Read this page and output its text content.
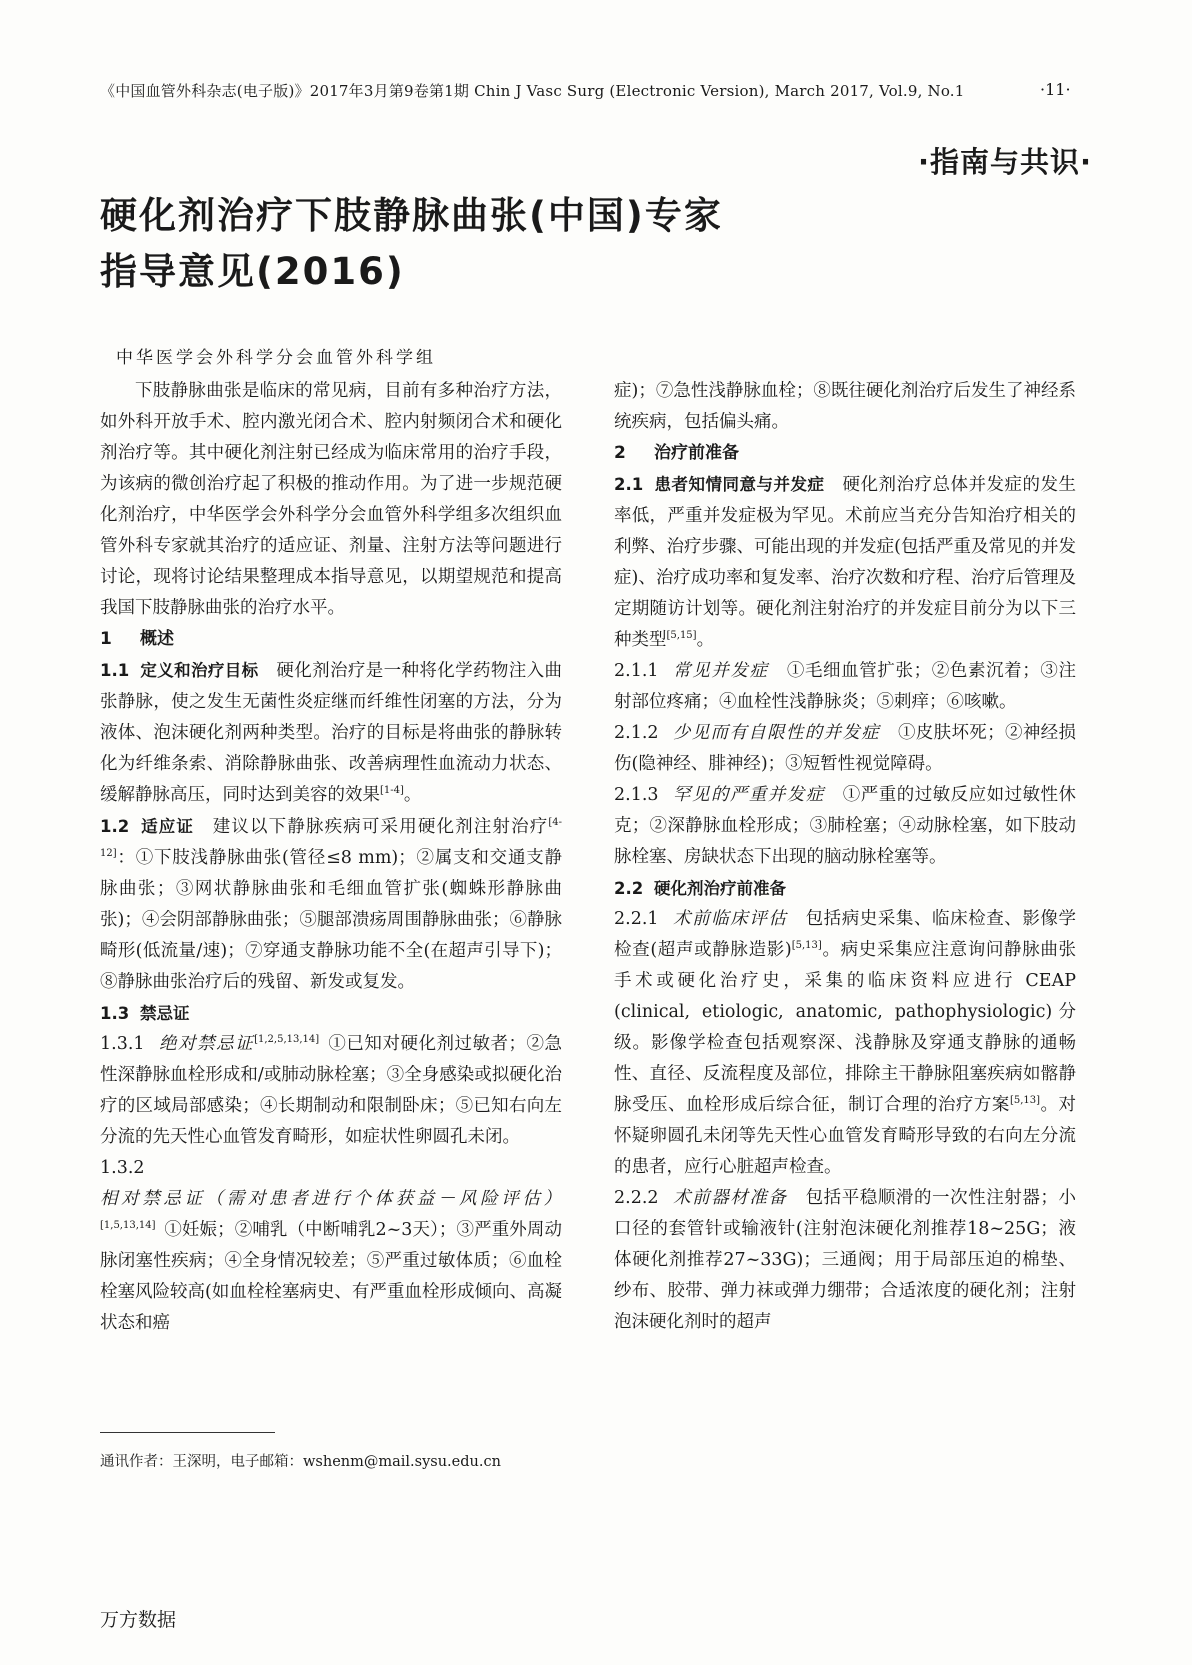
《中国血管外科杂志(电子版)》2017年3月第9卷第1期 Chin J Vasc Surg (Electronic Version), March 2017, Vol.9, No.1	·11·
·指南与共识·
硬化剂治疗下肢静脉曲张(中国)专家
指导意见(2016)
中华医学会外科学分会血管外科学组

下肢静脉曲张是临床的常见病，目前有多种治疗方法，如外科开放手术、腔内激光闭合术、腔内射频闭合术和硬化剂治疗等。其中硬化剂注射已经成为临床常用的治疗手段，为该病的微创治疗起了积极的推动作用。为了进一步规范硬化剂治疗，中华医学会外科学分会血管外科学组多次组织血管外科专家就其治疗的适应证、剂量、注射方法等问题进行讨论，现将讨论结果整理成本指导意见，以期望规范和提高我国下肢静脉曲张的治疗水平。

1 概述

1.1 定义和治疗目标  硬化剂治疗是一种将化学药物注入曲张静脉，使之发生无菌性炎症继而纤维性闭塞的方法，分为液体、泡沫硬化剂两种类型。治疗的目标是将曲张的静脉转化为纤维条索、消除静脉曲张、改善病理性血流动力状态、缓解静脉高压，同时达到美容的效果[1-4]。

1.2 适应证  建议以下静脉疾病可采用硬化剂注射治疗[4-12]：①下肢浅静脉曲张(管径≤8 mm)；②属支和交通支静脉曲张；③网状静脉曲张和毛细血管扩张(蜘蛛形静脉曲张)；④会阴部静脉曲张；⑤腿部溃疡周围静脉曲张；⑥静脉畸形(低流量/速)；⑦穿通支静脉功能不全(在超声引导下)；⑧静脉曲张治疗后的残留、新发或复发。

1.3 禁忌证

1.3.1 绝对禁忌证[1,2,5,13,14]  ①已知对硬化剂过敏者；②急性深静脉血栓形成和/或肺动脉栓塞；③全身感染或拟硬化治疗的区域局部感染；④长期制动和限制卧床；⑤已知右向左分流的先天性心血管发育畸形，如症状性卵圆孔未闭。

1.3.2相对禁忌证（需对患者进行个体获益－风险评估）[1,5,13,14]  ①妊娠；②哺乳（中断哺乳2~3天）；③严重外周动脉闭塞性疾病；④全身情况较差；⑤严重过敏体质；⑥血栓栓塞风险较高(如血栓栓塞病史、有严重血栓形成倾向、高凝状态和癌

症)；⑦急性浅静脉血栓；⑧既往硬化剂治疗后发生了神经系统疾病，包括偏头痛。

2 治疗前准备

2.1 患者知情同意与并发症  硬化剂治疗总体并发症的发生率低，严重并发症极为罕见。术前应当充分告知治疗相关的利弊、治疗步骤、可能出现的并发症(包括严重及常见的并发症)、治疗成功率和复发率、治疗次数和疗程、治疗后管理及定期随访计划等。硬化剂注射治疗的并发症目前分为以下三种类型[5,15]。

2.1.1 常见并发症  ①毛细血管扩张；②色素沉着；③注射部位疼痛；④血栓性浅静脉炎；⑤刺痒；⑥咳嗽。

2.1.2 少见而有自限性的并发症  ①皮肤坏死；②神经损伤(隐神经、腓神经)；③短暂性视觉障碍。

2.1.3 罕见的严重并发症  ①严重的过敏反应如过敏性休克；②深静脉血栓形成；③肺栓塞；④动脉栓塞，如下肢动脉栓塞、房缺状态下出现的脑动脉栓塞等。

2.2 硬化剂治疗前准备

2.2.1 术前临床评估  包括病史采集、临床检查、影像学检查(超声或静脉造影)[5,13]。病史采集应注意询问静脉曲张手术或硬化治疗史，采集的临床资料应进行 CEAP (clinical, etiologic, anatomic, pathophysiologic)分级。影像学检查包括观察深、浅静脉及穿通支静脉的通畅性、直径、反流程度及部位，排除主干静脉阻塞疾病如髂静脉受压、血栓形成后综合征，制订合理的治疗方案[5,13]。对怀疑卵圆孔未闭等先天性心血管发育畸形导致的右向左分流的患者，应行心脏超声检查。

2.2.2 术前器材准备  包括平稳顺滑的一次性注射器；小口径的套管针或输液针(注射泡沫硬化剂推荐18~25G；液体硬化剂推荐27~33G)；三通阀；用于局部压迫的棉垫、纱布、胶带、弹力袜或弹力绷带；合适浓度的硬化剂；注射泡沫硬化剂时的超声

通讯作者：王深明，电子邮箱：wshenm@mail.sysu.edu.cn
万方数据
